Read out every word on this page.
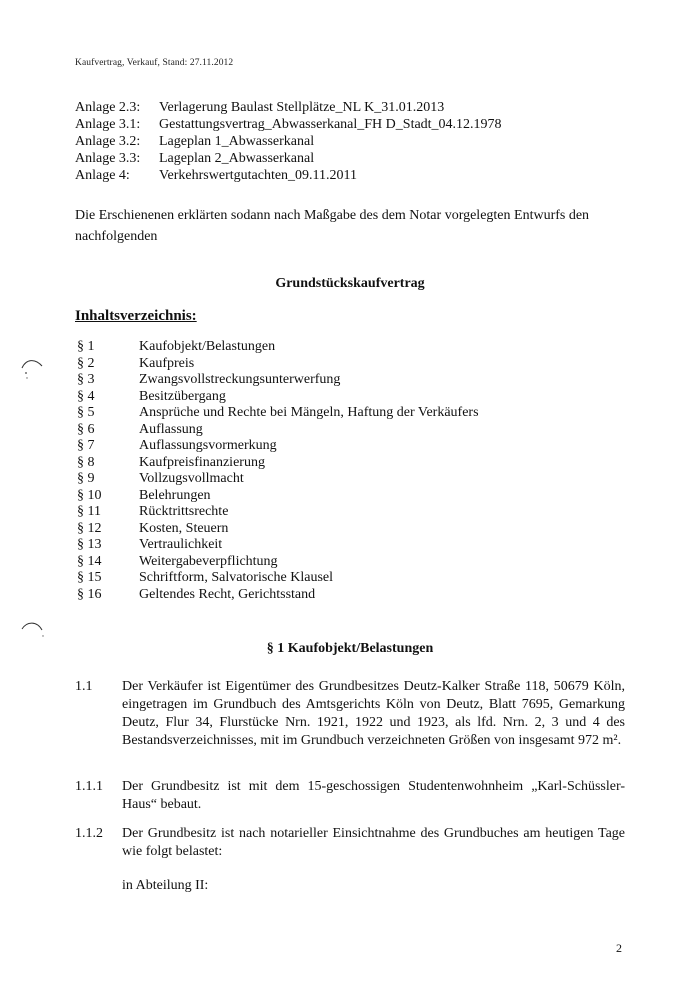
Kaufvertrag, Verkauf, Stand: 27.11.2012
Anlage 2.3:	Verlagerung Baulast Stellplätze_NL K_31.01.2013
Anlage 3.1:	Gestattungsvertrag_Abwasserkanal_FH D_Stadt_04.12.1978
Anlage 3.2:	Lageplan 1_Abwasserkanal
Anlage 3.3:	Lageplan 2_Abwasserkanal
Anlage 4:	Verkehrswertgutachten_09.11.2011
Die Erschienenen erklärten sodann nach Maßgabe des dem Notar vorgelegten Entwurfs den nachfolgenden
Grundstückskaufvertrag
Inhaltsverzeichnis:
§ 1	Kaufobjekt/Belastungen
§ 2	Kaufpreis
§ 3	Zwangsvollstreckungsunterwerfung
§ 4	Besitzübergang
§ 5	Ansprüche und Rechte bei Mängeln, Haftung der Verkäufers
§ 6	Auflassung
§ 7	Auflassungsvormerkung
§ 8	Kaufpreisfinanzierung
§ 9	Vollzugsvollmacht
§ 10	Belehrungen
§ 11	Rücktrittsrechte
§ 12	Kosten, Steuern
§ 13	Vertraulichkeit
§ 14	Weitergabeverpflichtung
§ 15	Schriftform, Salvatorische Klausel
§ 16	Geltendes Recht, Gerichtsstand
§ 1 Kaufobjekt/Belastungen
1.1	Der Verkäufer ist Eigentümer des Grundbesitzes Deutz-Kalker Straße 118, 50679 Köln, eingetragen im Grundbuch des Amtsgerichts Köln von Deutz, Blatt 7695, Gemarkung Deutz, Flur 34, Flurstücke Nrn. 1921, 1922 und 1923, als lfd. Nrn. 2, 3 und 4 des Bestandsverzeichnisses, mit im Grundbuch verzeichneten Größen von insgesamt 972 m².
1.1.1	Der Grundbesitz ist mit dem 15-geschossigen Studentenwohnheim „Karl-Schüssler-Haus“ bebaut.
1.1.2	Der Grundbesitz ist nach notarieller Einsichtnahme des Grundbuches am heutigen Tage wie folgt belastet:
in Abteilung II:
2
